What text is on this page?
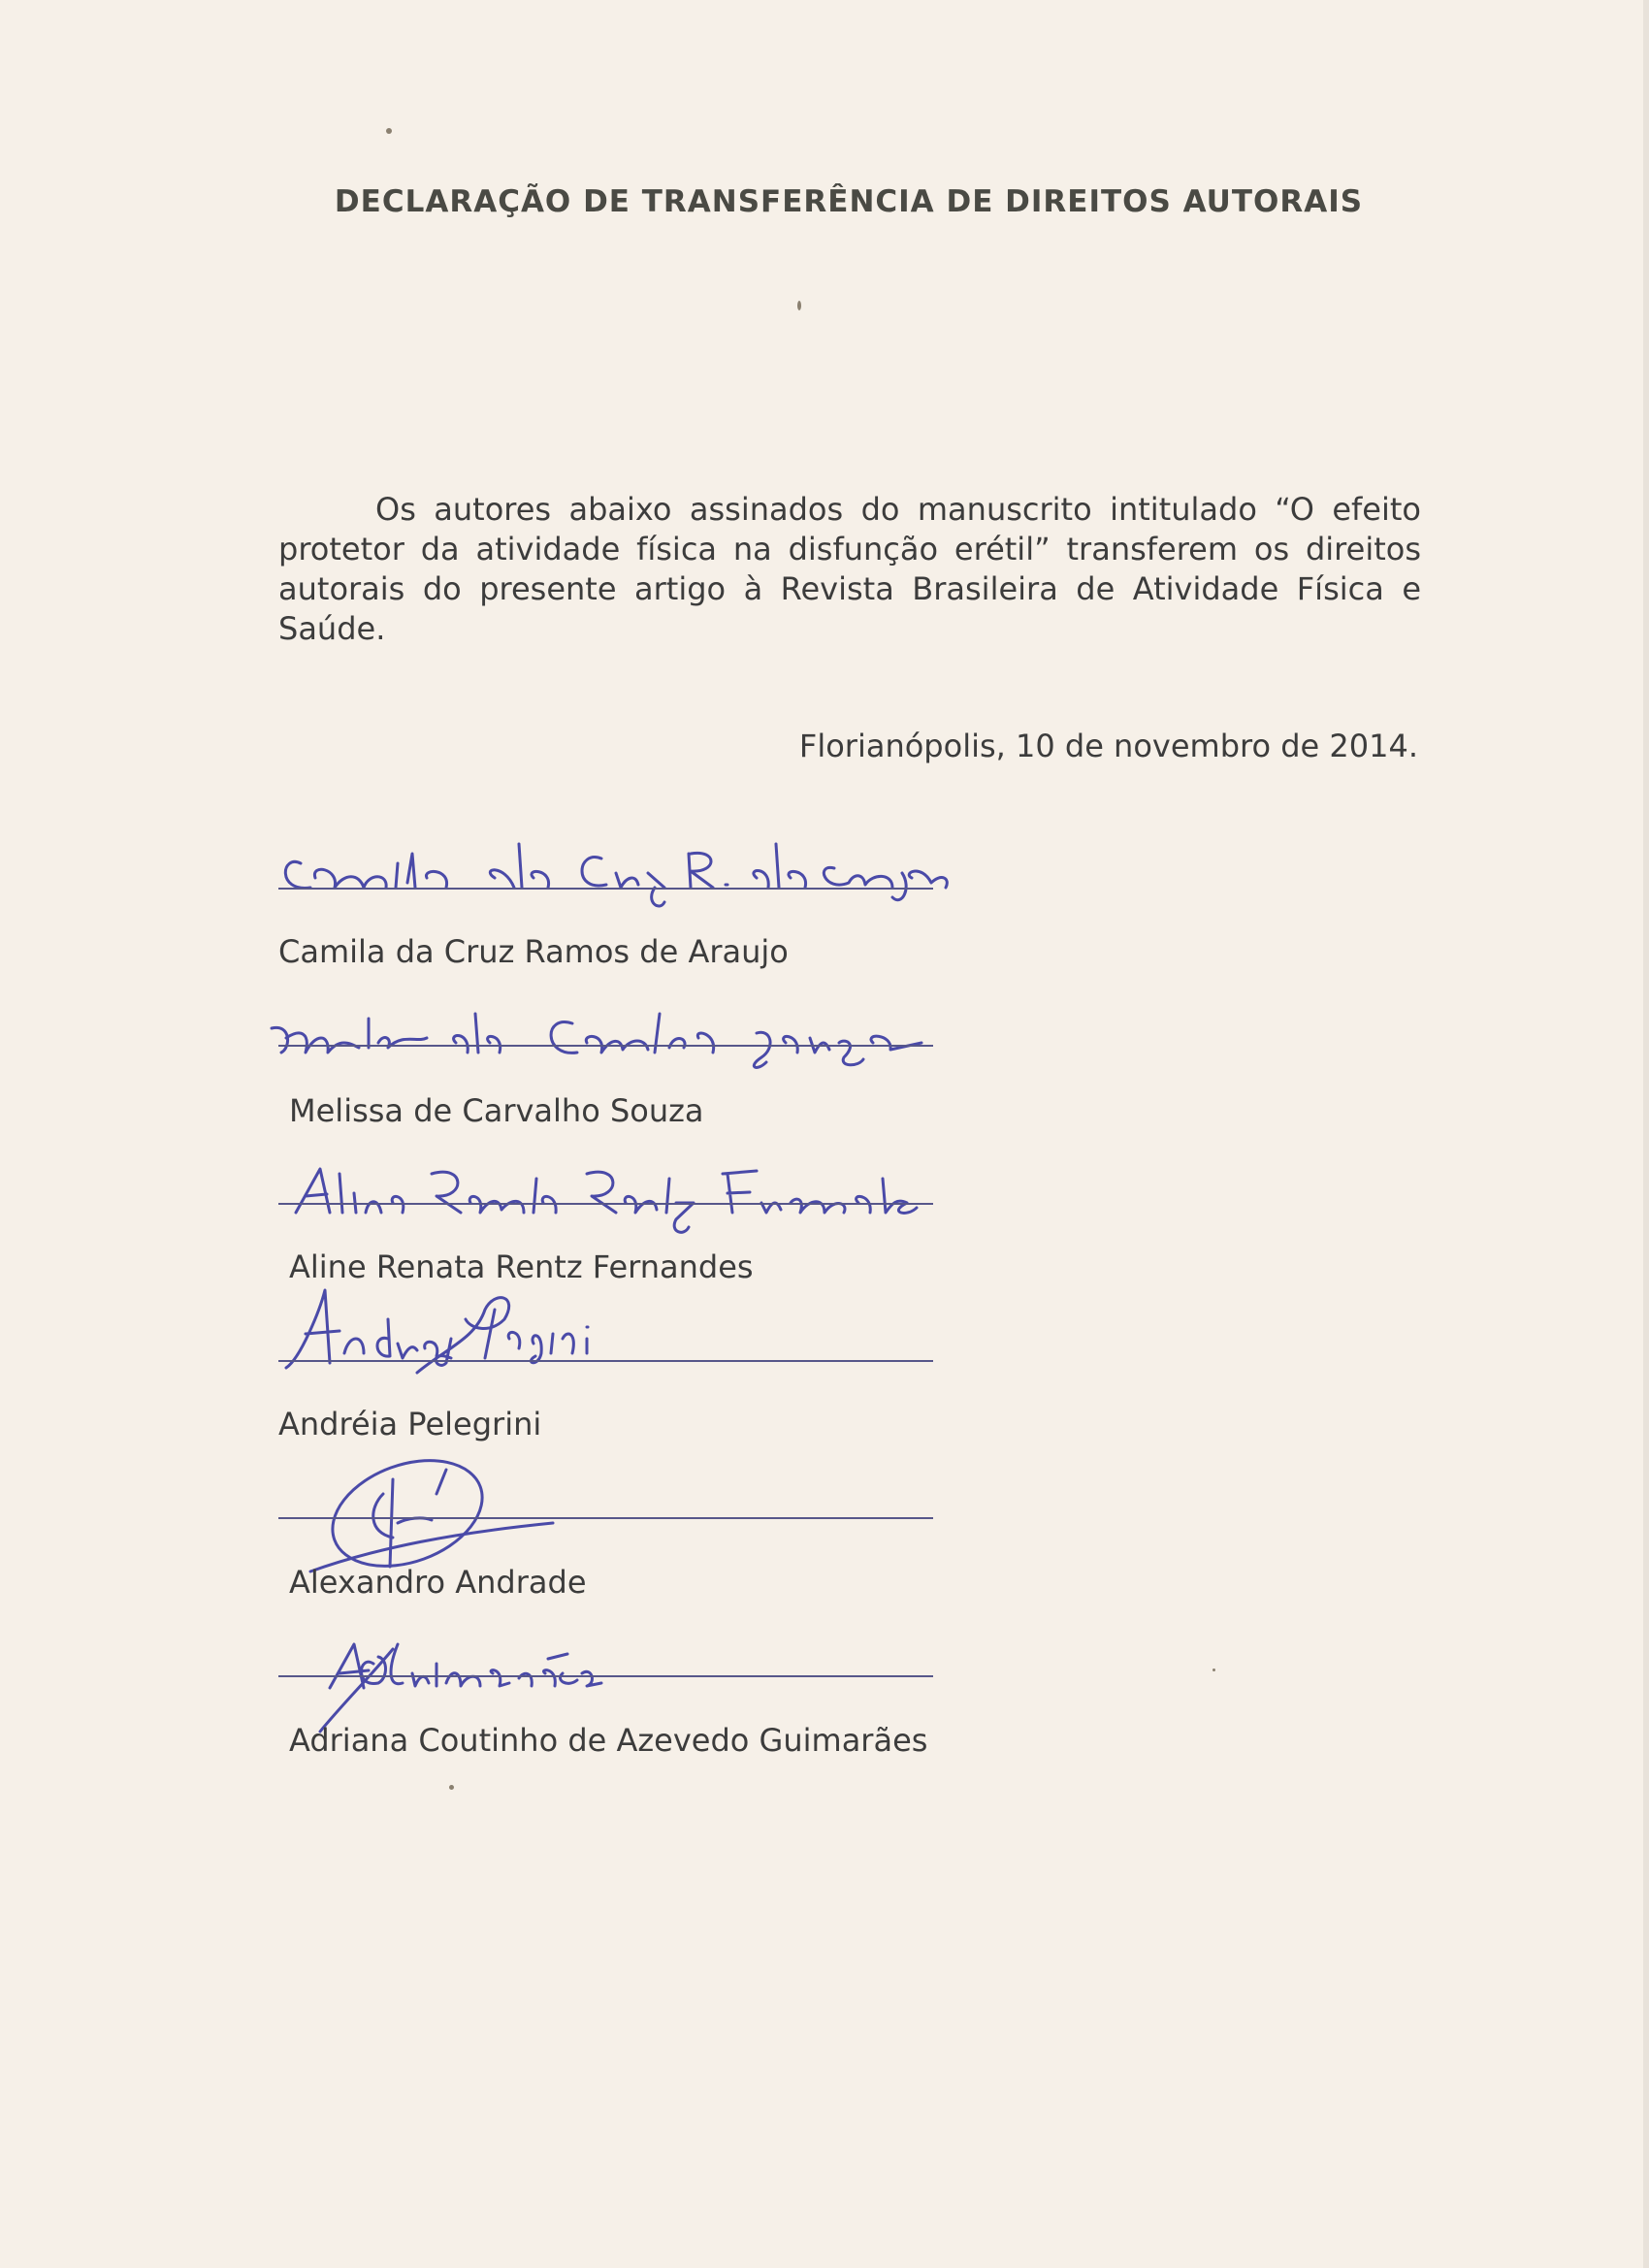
DECLARAÇÃO DE TRANSFERÊNCIA DE DIREITOS AUTORAIS
Os autores abaixo assinados do manuscrito intitulado “O efeito protetor da atividade física na disfunção erétil” transferem os direitos autorais do presente artigo à Revista Brasileira de Atividade Física e Saúde.
Florianópolis, 10 de novembro de 2014.
Camila da Cruz Ramos de Araujo
Melissa de Carvalho Souza
Aline Renata Rentz Fernandes
Andréia Pelegrini
Alexandro Andrade
Adriana Coutinho de Azevedo Guimarães
